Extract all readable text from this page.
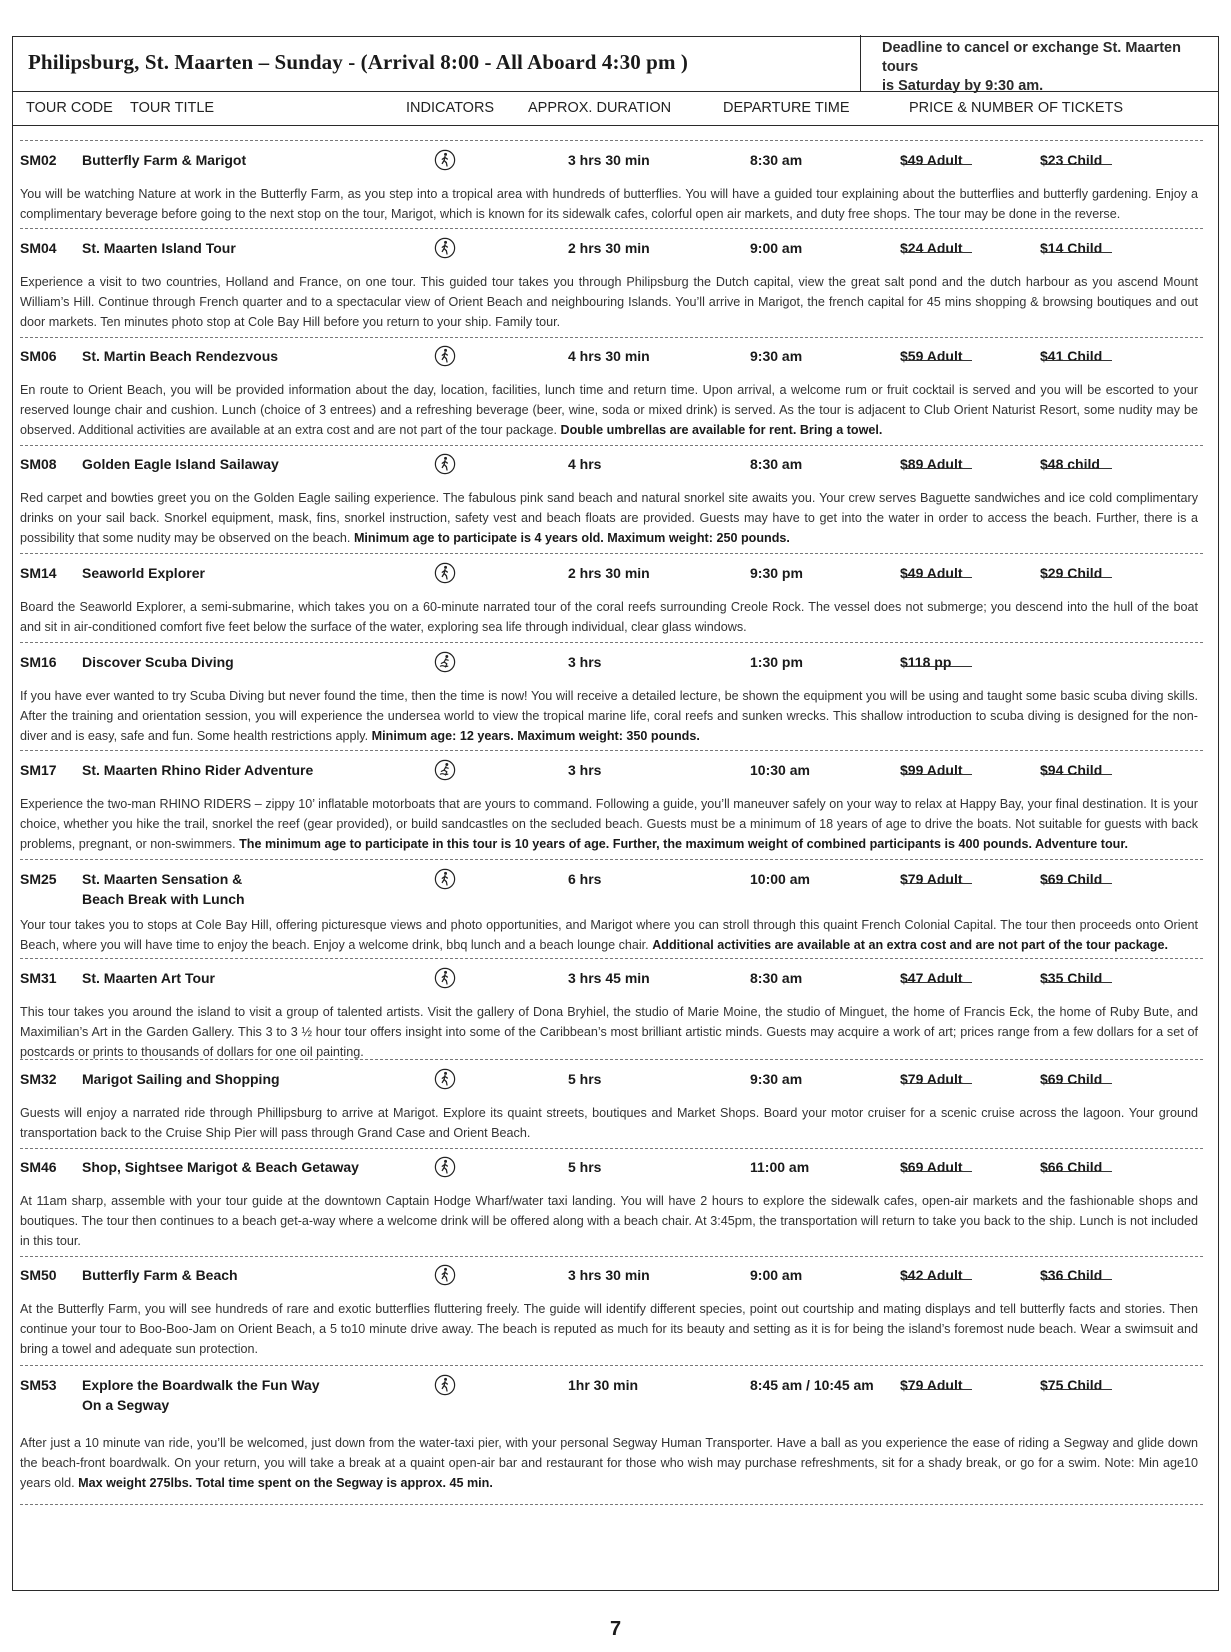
Philipsburg, St. Maarten – Sunday - (Arrival 8:00 - All Aboard 4:30 pm )
Deadline to cancel or exchange St. Maarten tours
is Saturday by 9:30 am.
TOUR CODE TOUR TITLE	INDICATORS APPROX. DURATION	DEPARTURE TIME	PRICE & NUMBER OF TICKETS
SM02 Butterfly Farm & Marigot	3 hrs 30 min	8:30 am	$49 Adult	$23 Child
You will be watching Nature at work in the Butterfly Farm, as you step into a tropical area with hundreds of butterflies. You will have a guided tour explaining about the butterflies and butterfly gardening. Enjoy a complimentary beverage before going to the next stop on the tour, Marigot, which is known for its sidewalk cafes, colorful open air markets, and duty free shops. The tour may be done in the reverse.
SM04 St. Maarten Island Tour	2 hrs 30 min	9:00 am	$24 Adult	$14 Child
Experience a visit to two countries, Holland and France, on one tour. This guided tour takes you through Philipsburg the Dutch capital, view the great salt pond and the dutch harbour as you ascend Mount William’s Hill. Continue through French quarter and to a spectacular view of Orient Beach and neighbouring Islands. You’ll arrive in Marigot, the french capital for 45 mins shopping & browsing boutiques and out door markets. Ten minutes photo stop at Cole Bay Hill before you return to your ship. Family tour.
SM06 St. Martin Beach Rendezvous	4 hrs 30 min	9:30 am	$59 Adult	$41 Child
En route to Orient Beach, you will be provided information about the day, location, facilities, lunch time and return time. Upon arrival, a welcome rum or fruit cocktail is served and you will be escorted to your reserved lounge chair and cushion. Lunch (choice of 3 entrees) and a refreshing beverage (beer, wine, soda or mixed drink) is served. As the tour is adjacent to Club Orient Naturist Resort, some nudity may be observed. Additional activities are available at an extra cost and are not part of the tour package. Double umbrellas are available for rent. Bring a towel.
SM08 Golden Eagle Island Sailaway	4 hrs	8:30 am	$89 Adult	$48 child
Red carpet and bowties greet you on the Golden Eagle sailing experience. The fabulous pink sand beach and natural snorkel site awaits you. Your crew serves Baguette sandwiches and ice cold complimentary drinks on your sail back. Snorkel equipment, mask, fins, snorkel instruction, safety vest and beach floats are provided. Guests may have to get into the water in order to access the beach. Further, there is a possibility that some nudity may be observed on the beach. Minimum age to participate is 4 years old. Maximum weight: 250 pounds.
SM14 Seaworld Explorer	2 hrs 30 min	9:30 pm	$49 Adult	$29 Child
Board the Seaworld Explorer, a semi-submarine, which takes you on a 60-minute narrated tour of the coral reefs surrounding Creole Rock. The vessel does not submerge; you descend into the hull of the boat and sit in air-conditioned comfort five feet below the surface of the water, exploring sea life through individual, clear glass windows.
SM16 Discover Scuba Diving	3 hrs	1:30 pm	$118 pp
If you have ever wanted to try Scuba Diving but never found the time, then the time is now! You will receive a detailed lecture, be shown the equipment you will be using and taught some basic scuba diving skills. After the training and orientation session, you will experience the undersea world to view the tropical marine life, coral reefs and sunken wrecks. This shallow introduction to scuba diving is designed for the non-diver and is easy, safe and fun. Some health restrictions apply. Minimum age: 12 years. Maximum weight: 350 pounds.
SM17 St. Maarten Rhino Rider Adventure	3 hrs	10:30 am	$99 Adult	$94 Child
Experience the two-man RHINO RIDERS – zippy 10’ inflatable motorboats that are yours to command. Following a guide, you’ll maneuver safely on your way to relax at Happy Bay, your final destination. It is your choice, whether you hike the trail, snorkel the reef (gear provided), or build sandcastles on the secluded beach. Guests must be a minimum of 18 years of age to drive the boats. Not suitable for guests with back problems, pregnant, or non-swimmers. The minimum age to participate in this tour is 10 years of age. Further, the maximum weight of combined participants is 400 pounds. Adventure tour.
SM25 St. Maarten Sensation &
Beach Break with Lunch
6 hrs	10:00 am	$79 Adult	$69 Child
Your tour takes you to stops at Cole Bay Hill, offering picturesque views and photo opportunities, and Marigot where you can stroll through this quaint French Colonial Capital. The tour then proceeds onto Orient Beach, where you will have time to enjoy the beach. Enjoy a welcome drink, bbq lunch and a beach lounge chair. Additional activities are available at an extra cost and are not part of the tour package.
SM31 St. Maarten Art Tour	3 hrs 45 min	8:30 am	$47 Adult	$35 Child
This tour takes you around the island to visit a group of talented artists. Visit the gallery of Dona Bryhiel, the studio of Marie Moine, the studio of Minguet, the home of Francis Eck, the home of Ruby Bute, and Maximilian’s Art in the Garden Gallery. This 3 to 3 ½ hour tour offers insight into some of the Caribbean’s most brilliant artistic minds. Guests may acquire a work of art; prices range from a few dollars for a set of postcards or prints to thousands of dollars for one oil painting.
SM32 Marigot Sailing and Shopping	5 hrs	9:30 am	$79 Adult	$69 Child
Guests will enjoy a narrated ride through Phillipsburg to arrive at Marigot. Explore its quaint streets, boutiques and Market Shops. Board your motor cruiser for a scenic cruise across the lagoon. Your ground transportation back to the Cruise Ship Pier will pass through Grand Case and Orient Beach.
SM46 Shop, Sightsee Marigot & Beach Getaway	5 hrs	11:00 am	$69 Adult	$66 Child
At 11am sharp, assemble with your tour guide at the downtown Captain Hodge Wharf/water taxi landing. You will have 2 hours to explore the sidewalk cafes, open-air markets and the fashionable shops and boutiques. The tour then continues to a beach get-a-way where a welcome drink will be offered along with a beach chair. At 3:45pm, the transportation will return to take you back to the ship. Lunch is not included in this tour.
SM50 Butterfly Farm & Beach	3 hrs 30 min	9:00 am	$42 Adult	$36 Child
At the Butterfly Farm, you will see hundreds of rare and exotic butterflies fluttering freely. The guide will identify different species, point out courtship and mating displays and tell butterfly facts and stories. Then continue your tour to Boo-Boo-Jam on Orient Beach, a 5 to10 minute drive away. The beach is reputed as much for its beauty and setting as it is for being the island’s foremost nude beach. Wear a swimsuit and bring a towel and adequate sun protection.
SM53 Explore the Boardwalk the Fun Way
On a Segway
1hr 30 min	8:45 am / 10:45 am $79 Adult	$75 Child
After just a 10 minute van ride, you’ll be welcomed, just down from the water-taxi pier, with your personal Segway Human Transporter. Have a ball as you experience the ease of riding a Segway and glide down the beach-front boardwalk. On your return, you will take a break at a quaint open-air bar and restaurant for those who wish may purchase refreshments, sit for a shady break, or go for a swim. Note: Min age10 years old. Max weight 275lbs. Total time spent on the Segway is approx. 45 min.
7
